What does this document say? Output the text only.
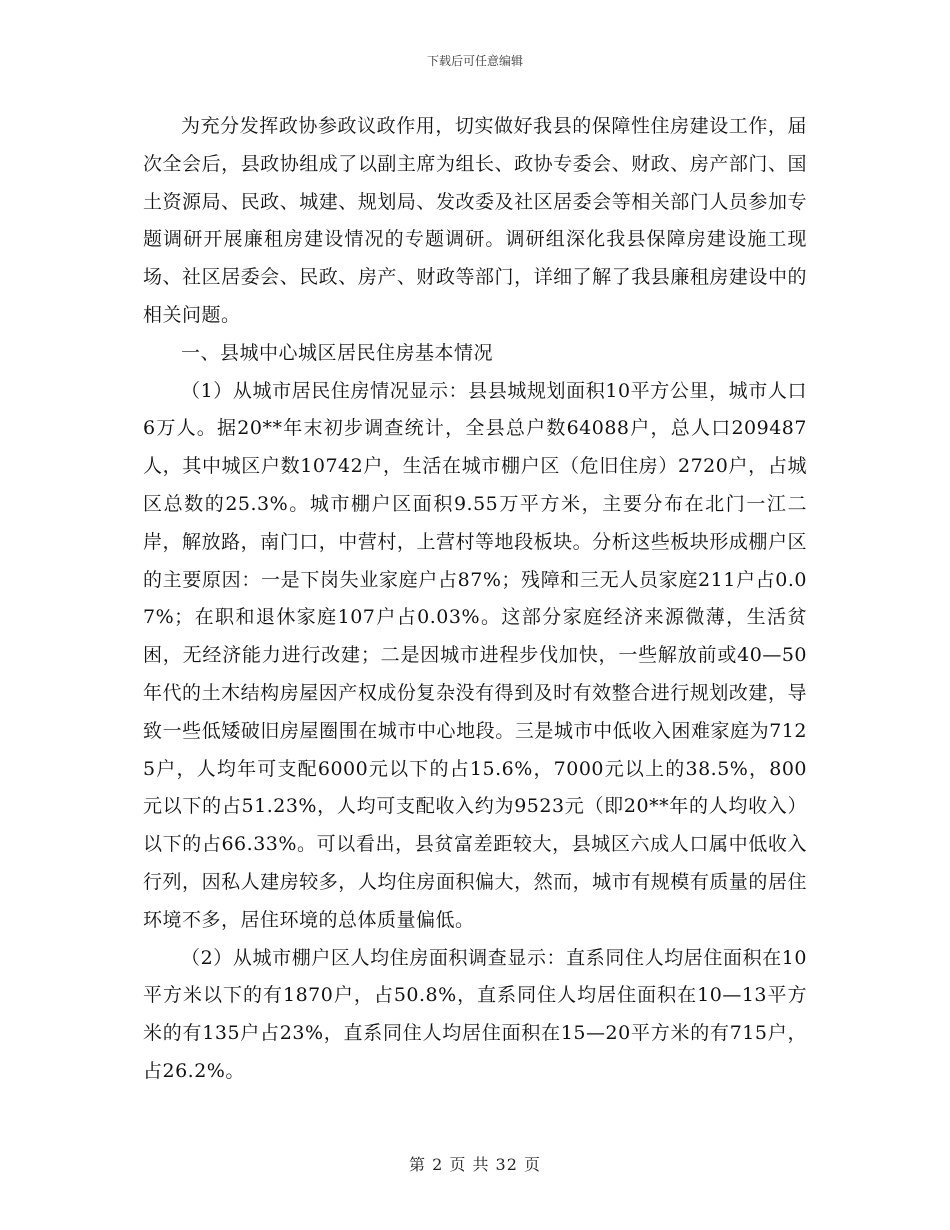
下载后可任意编辑

为充分发挥政协参政议政作用，切实做好我县的保障性住房建设工作，届次全会后，县政协组成了以副主席为组长、政协专委会、财政、房产部门、国土资源局、民政、城建、规划局、发改委及社区居委会等相关部门人员参加专题调研开展廉租房建设情况的专题调研。调研组深化我县保障房建设施工现场、社区居委会、民政、房产、财政等部门，详细了解了我县廉租房建设中的相关问题。

一、县城中心城区居民住房基本情况

（1）从城市居民住房情况显示：县县城规划面积10平方公里，城市人口6万人。据20**年末初步调查统计，全县总户数64088户，总人口209487人，其中城区户数10742户，生活在城市棚户区（危旧住房）2720户，占城区总数的25.3%。城市棚户区面积9.55万平方米，主要分布在北门一江二岸，解放路，南门口，中营村，上营村等地段板块。分析这些板块形成棚户区的主要原因：一是下岗失业家庭户占87%；残障和三无人员家庭211户占0.07%；在职和退休家庭107户占0.03%。这部分家庭经济来源微薄，生活贫困，无经济能力进行改建；二是因城市进程步伐加快，一些解放前或40—50年代的土木结构房屋因产权成份复杂没有得到及时有效整合进行规划改建，导致一些低矮破旧房屋圈围在城市中心地段。三是城市中低收入困难家庭为7125户，人均年可支配6000元以下的占15.6%，7000元以上的38.5%，800元以下的占51.23%，人均可支配收入约为9523元（即20**年的人均收入）以下的占66.33%。可以看出，县贫富差距较大，县城区六成人口属中低收入行列，因私人建房较多，人均住房面积偏大，然而，城市有规模有质量的居住环境不多，居住环境的总体质量偏低。

（2）从城市棚户区人均住房面积调查显示：直系同住人均居住面积在10平方米以下的有1870户，占50.8%，直系同住人均居住面积在10—13平方米的有135户占23%，直系同住人均居住面积在15—20平方米的有715户，占26.2%。

第 2 页 共 32 页
